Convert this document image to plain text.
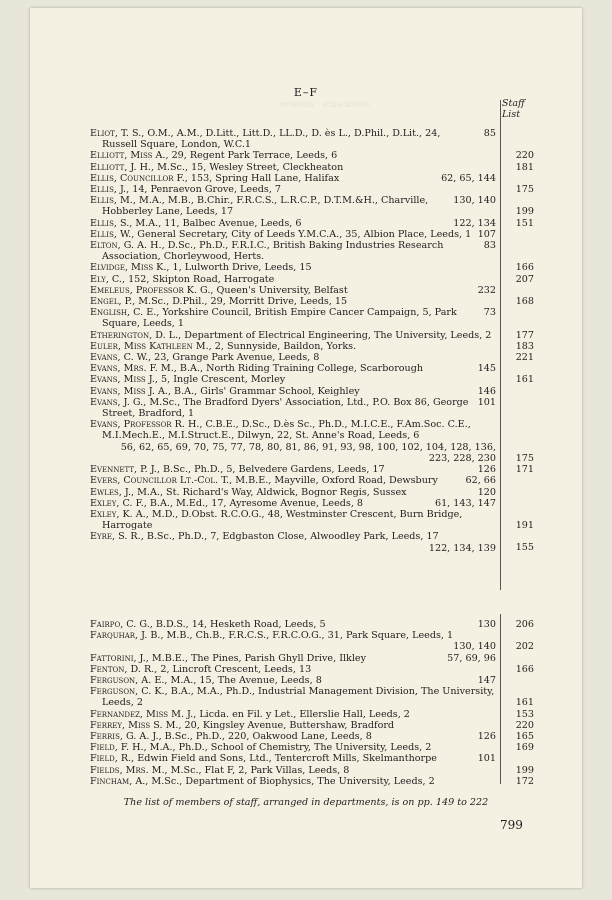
members · subscribers
E–F
Staff
List
85
Eliot, T. S., O.M., A.M., D.Litt., Litt.D., LL.D., D. ès L., D.Phil., D.Lit., 24, Russell Square, London, W.C.1
Elliott, Miss A., 29, Regent Park Terrace, Leeds, 6
Elliott, J. H., M.Sc., 15, Wesley Street, Cleckheaton
62, 65, 144
Ellis, Councillor F., 153, Spring Hall Lane, Halifax
Ellis, J., 14, Penraevon Grove, Leeds, 7
130, 140
Ellis, M., M.A., M.B., B.Chir., F.R.C.S., L.R.C.P., D.T.M.&H., Charville, Hobberley Lane, Leeds, 17
122, 134
Ellis, S., M.A., 11, Balbec Avenue, Leeds, 6
107
Ellis, W., General Secretary, City of Leeds Y.M.C.A., 35, Albion Place, Leeds, 1
83
Elton, G. A. H., D.Sc., Ph.D., F.R.I.C., British Baking Industries Research Association, Chorleywood, Herts.
Elvidge, Miss K., 1, Lulworth Drive, Leeds, 15
Ely, C., 152, Skipton Road, Harrogate
232
Emeleus, Professor K. G., Queen's University, Belfast
Engel, P., M.Sc., D.Phil., 29, Morritt Drive, Leeds, 15
73
English, C. E., Yorkshire Council, British Empire Cancer Campaign, 5, Park Square, Leeds, 1
Etherington, D. L., Department of Electrical Engineering, The University, Leeds, 2
Euler, Miss Kathleen M., 2, Sunnyside, Baildon, Yorks.
Evans, C. W., 23, Grange Park Avenue, Leeds, 8
145
Evans, Mrs. F. M., B.A., North Riding Training College, Scarborough
Evans, Miss J., 5, Ingle Crescent, Morley
146
Evans, Miss J. A., B.A., Girls' Grammar School, Keighley
101
Evans, J. G., M.Sc., The Bradford Dyers' Association, Ltd., P.O. Box 86, George Street, Bradford, 1
Evans, Professor R. H., C.B.E., D.Sc., D.ès Sc., Ph.D., M.I.C.E., F.Am.Soc. C.E., M.I.Mech.E., M.I.Struct.E., Dilwyn, 22, St. Anne's Road, Leeds, 6
56, 62, 65, 69, 70, 75, 77, 78, 80, 81, 86, 91, 93, 98, 100, 102, 104, 128, 136, 223, 228, 230
126
Evennett, P. J., B.Sc., Ph.D., 5, Belvedere Gardens, Leeds, 17
62, 66
Evers, Councillor Lt.-Col. T., M.B.E., Mayville, Oxford Road, Dewsbury
120
Ewles, J., M.A., St. Richard's Way, Aldwick, Bognor Regis, Sussex
61, 143, 147
Exley, C. F., B.A., M.Ed., 17, Ayresome Avenue, Leeds, 8
Exley, K. A., M.D., D.Obst. R.C.O.G., 48, Westminster Crescent, Burn Bridge, Harrogate
Eyre, S. R., B.Sc., Ph.D., 7, Edgbaston Close, Alwoodley Park, Leeds, 17
122, 134, 139
130
Fairpo, C. G., B.D.S., 14, Hesketh Road, Leeds, 5
Farquhar, J. B., M.B., Ch.B., F.R.C.S., F.R.C.O.G., 31, Park Square, Leeds, 1
130, 140
57, 69, 96
Fattorini, J., M.B.E., The Pines, Parish Ghyll Drive, Ilkley
Fenton, D. R., 2, Lincroft Crescent, Leeds, 13
147
Ferguson, A. E., M.A., 15, The Avenue, Leeds, 8
Ferguson, C. K., B.A., M.A., Ph.D., Industrial Management Division, The University, Leeds, 2
Fernandez, Miss M. J., Licda. en Fil. y Let., Ellerslie Hall, Leeds, 2
Ferrey, Miss S. M., 20, Kingsley Avenue, Buttershaw, Bradford
126
Ferris, G. A. J., B.Sc., Ph.D., 220, Oakwood Lane, Leeds, 8
Field, F. H., M.A., Ph.D., School of Chemistry, The University, Leeds, 2
101
Field, R., Edwin Field and Sons, Ltd., Tentercroft Mills, Skelmanthorpe
Fields, Mrs. M., M.Sc., Flat F, 2, Park Villas, Leeds, 8
Fincham, A., M.Sc., Department of Biophysics, The University, Leeds, 2
The list of members of staff, arranged in departments, is on pp. 149 to 222
799
220
181
175
199
151
166
207
168
177
183
221
161
175
171
191
155
206
202
166
161
153
220
165
169
199
172
